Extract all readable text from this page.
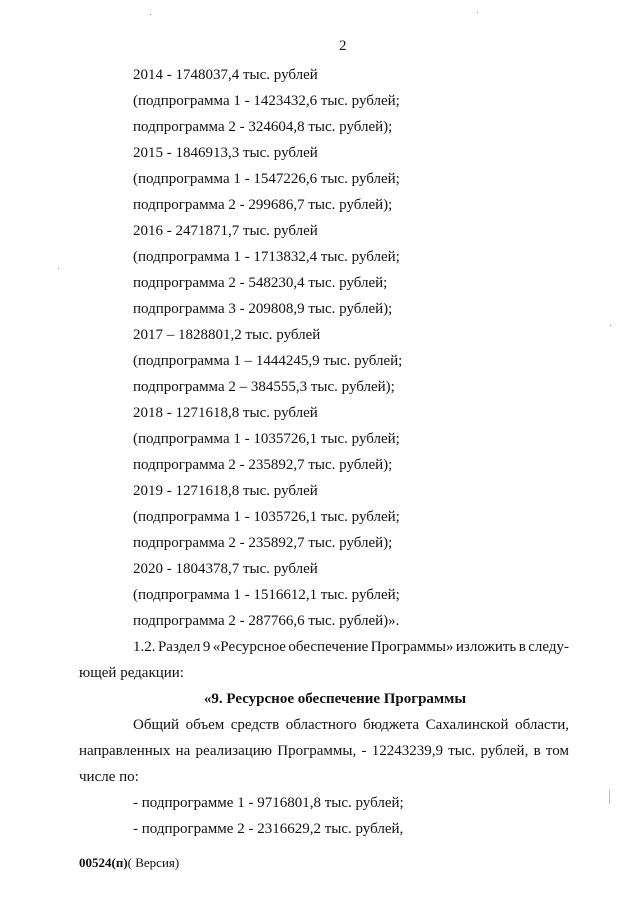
2
2014 - 1748037,4 тыс. рублей
(подпрограмма 1 - 1423432,6 тыс. рублей;
подпрограмма 2 - 324604,8 тыс. рублей);
2015 - 1846913,3 тыс. рублей
(подпрограмма 1 - 1547226,6 тыс. рублей;
подпрограмма 2 - 299686,7 тыс. рублей);
2016 - 2471871,7 тыс. рублей
(подпрограмма 1 - 1713832,4 тыс. рублей;
подпрограмма 2 - 548230,4 тыс. рублей;
подпрограмма 3 - 209808,9 тыс. рублей);
2017 – 1828801,2 тыс. рублей
(подпрограмма 1 – 1444245,9 тыс. рублей;
подпрограмма 2 – 384555,3 тыс. рублей);
2018 - 1271618,8 тыс. рублей
(подпрограмма 1 - 1035726,1 тыс. рублей;
подпрограмма 2 - 235892,7 тыс. рублей);
2019 - 1271618,8 тыс. рублей
(подпрограмма 1 - 1035726,1 тыс. рублей;
подпрограмма 2 - 235892,7 тыс. рублей);
2020 - 1804378,7 тыс. рублей
(подпрограмма 1 - 1516612,1 тыс. рублей;
подпрограмма 2 - 287766,6 тыс. рублей)».
1.2. Раздел 9 «Ресурсное обеспечение Программы» изложить в следу-
ющей редакции:
«9. Ресурсное обеспечение Программы
Общий объем средств областного бюджета Сахалинской области,
направленных на реализацию Программы, - 12243239,9 тыс. рублей, в том
числе по:
- подпрограмме 1 - 9716801,8 тыс. рублей;
- подпрограмме 2 - 2316629,2 тыс. рублей,
00524(п)( Версия)
